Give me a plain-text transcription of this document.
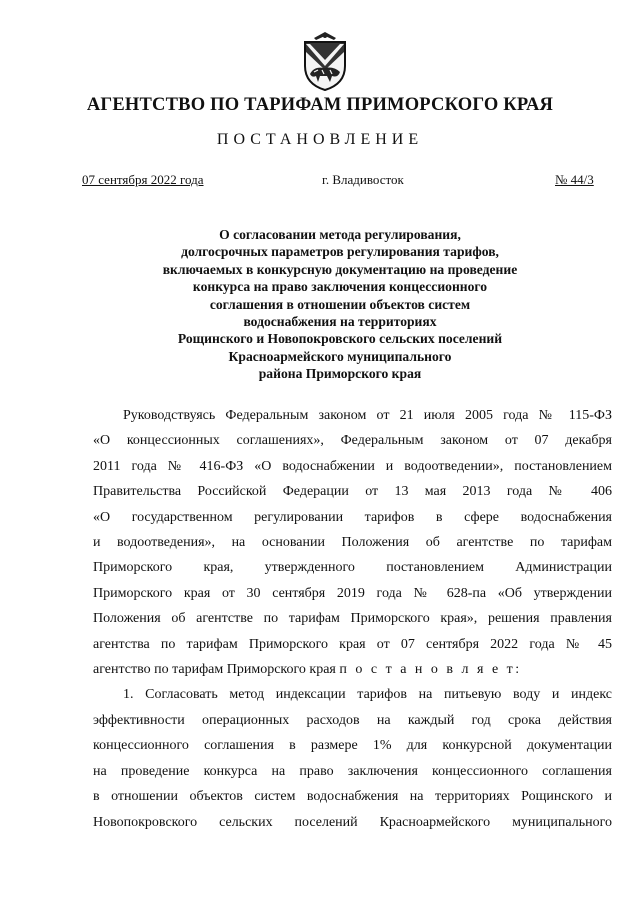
АГЕНТСТВО ПО ТАРИФАМ ПРИМОРСКОГО КРАЯ
ПОСТАНОВЛЕНИЕ
07 сентября 2022 года	г. Владивосток	№ 44/3
О согласовании метода регулирования,
долгосрочных параметров регулирования тарифов,
включаемых в конкурсную документацию на проведение
конкурса на право заключения концессионного
соглашения в отношении объектов систем
водоснабжения на территориях
Рощинского и Новопокровского сельских поселений
Красноармейского муниципального
района Приморского края
Руководствуясь Федеральным законом от 21 июля 2005 года № 115-ФЗ
«О концессионных соглашениях», Федеральным законом от 07 декабря
2011 года № 416-ФЗ «О водоснабжении и водоотведении», постановлением
Правительства Российской Федерации от 13 мая 2013 года № 406
«О государственном регулировании тарифов в сфере водоснабжения
и водоотведения», на основании Положения об агентстве по тарифам
Приморского края, утвержденного постановлением Администрации
Приморского края от 30 сентября 2019 года № 628-па «Об утверждении
Положения об агентстве по тарифам Приморского края», решения правления
агентства по тарифам Приморского края от 07 сентября 2022 года № 45
агентство по тарифам Приморского края п о с т а н о в л я е т:
1. Согласовать метод индексации тарифов на питьевую воду и индекс
эффективности операционных расходов на каждый год срока действия
концессионного соглашения в размере 1% для конкурсной документации
на проведение конкурса на право заключения концессионного соглашения
в отношении объектов систем водоснабжения на территориях Рощинского и
Новопокровского сельских поселений Красноармейского муниципального
